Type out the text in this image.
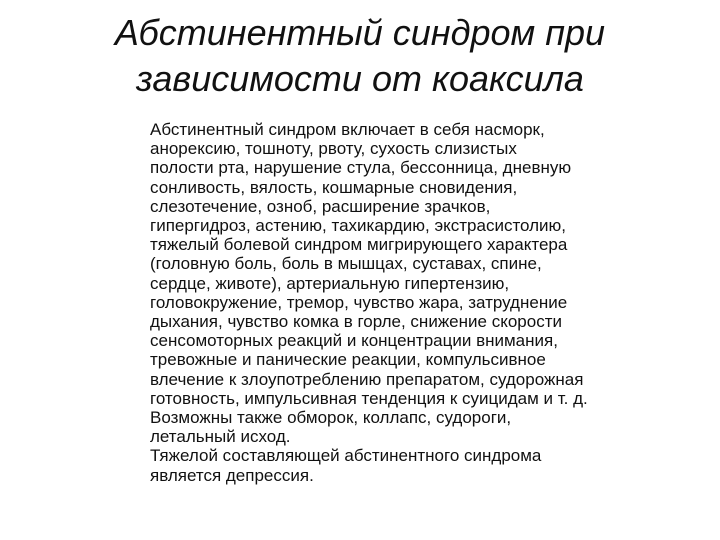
Абстинентный синдром при
зависимости от коаксила

Абстинентный синдром включает в себя насморк,
анорексию, тошноту, рвоту, сухость слизистых
полости рта, нарушение стула, бессонница, дневную
сонливость, вялость, кошмарные сновидения,
слезотечение, озноб, расширение зрачков,
гипергидроз, астению, тахикардию, экстрасистолию,
тяжелый болевой синдром мигрирующего характера
(головную боль, боль в мышцах, суставах, спине,
сердце, животе), артериальную гипертензию,
головокружение, тремор, чувство жара, затруднение
дыхания, чувство комка в горле, снижение скорости
сенсомоторных реакций и концентрации внимания,
тревожные и панические реакции, компульсивное
влечение к злоупотреблению препаратом, судорожная
готовность, импульсивная тенденция к суицидам и т. д.
Возможны также обморок, коллапс, судороги,
летальный исход.

Тяжелой составляющей абстинентного синдрома
является депрессия.
